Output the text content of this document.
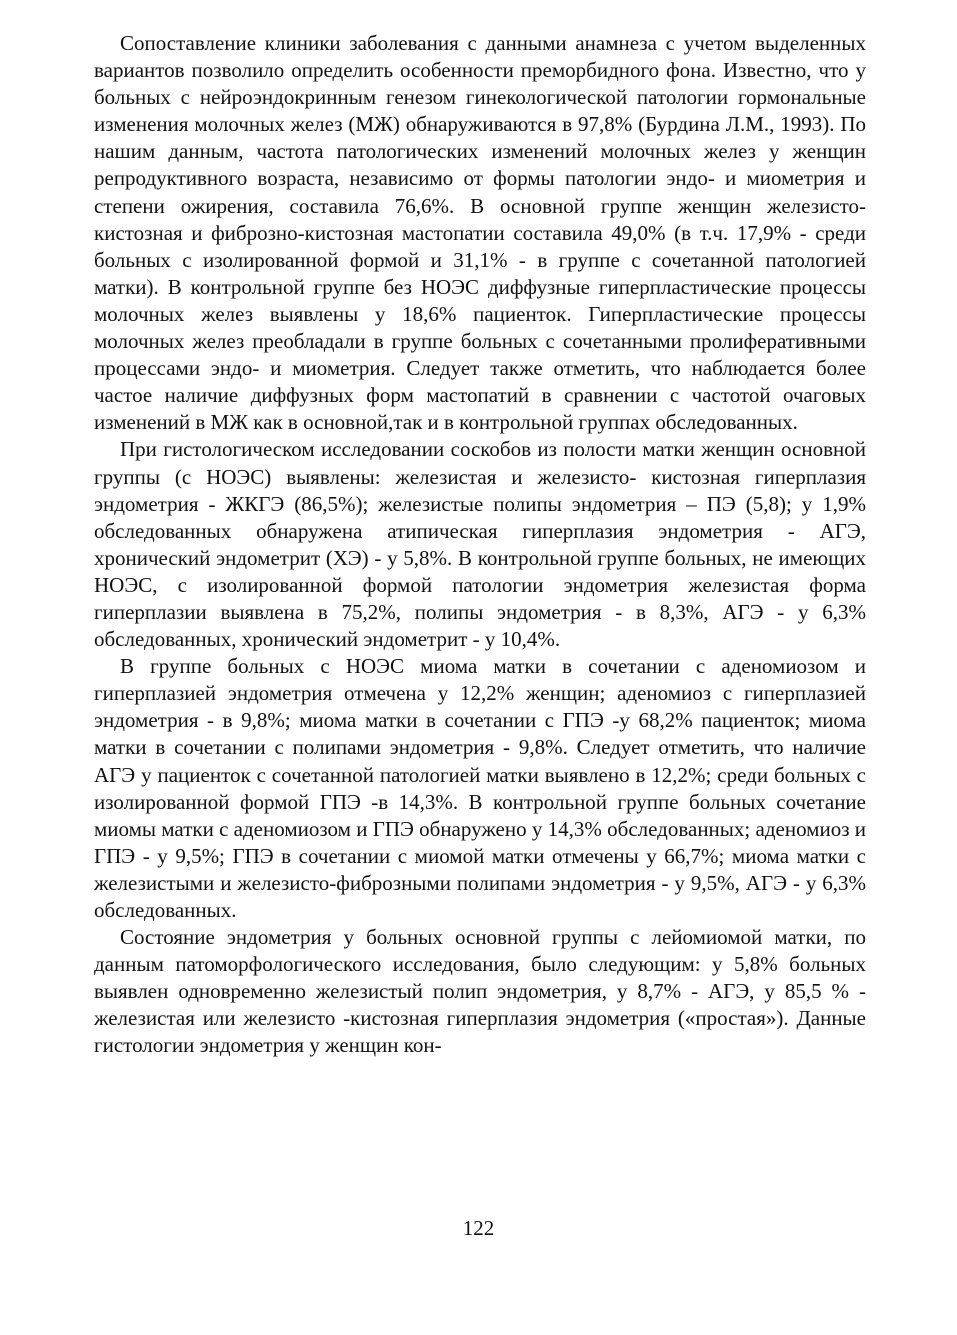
Сопоставление клиники заболевания с данными анамнеза с учетом выделенных вариантов позволило определить особенности преморбидного фона. Известно, что у больных с нейроэндокринным генезом гинекологической патологии гормональные изменения молочных желез (МЖ) обнаруживаются в 97,8% (Бурдина Л.М., 1993). По нашим данным, частота патологических изменений молочных желез у женщин репродуктивного возраста, независимо от формы патологии эндо- и миометрия и степени ожирения, составила 76,6%. В основной группе женщин железисто-кистозная и фиброзно-кистозная мастопатии составила 49,0% (в т.ч. 17,9% - среди больных с изолированной формой и 31,1% - в группе с сочетанной патологией матки). В контрольной группе без НОЭС диффузные гиперпластические процессы молочных желез выявлены у 18,6% пациенток. Гиперпластические процессы молочных желез преобладали в группе больных с сочетанными пролиферативными процессами эндо- и миометрия. Следует также отметить, что наблюдается более частое наличие диффузных форм мастопатий в сравнении с частотой очаговых изменений в МЖ как в основной,так и в контрольной группах обследованных.

При гистологическом исследовании соскобов из полости матки женщин основной группы (с НОЭС) выявлены: железистая и железисто- кистозная гиперплазия эндометрия - ЖКГЭ (86,5%); железистые полипы эндометрия – ПЭ (5,8); у 1,9% обследованных обнаружена атипическая гиперплазия эндометрия - АГЭ, хронический эндометрит (ХЭ) - у 5,8%. В контрольной группе больных, не имеющих НОЭС, с изолированной формой патологии эндометрия железистая форма гиперплазии выявлена в 75,2%, полипы эндометрия - в 8,3%, АГЭ - у 6,3% обследованных, хронический эндометрит - у 10,4%.

В группе больных с НОЭС миома матки в сочетании с аденомиозом и гиперплазией эндометрия отмечена у 12,2% женщин; аденомиоз с гиперплазией эндометрия - в 9,8%; миома матки в сочетании с ГПЭ -у 68,2% пациенток; миома матки в сочетании с полипами эндометрия - 9,8%. Следует отметить, что наличие АГЭ у пациенток с сочетанной патологией матки выявлено в 12,2%; среди больных с изолированной формой ГПЭ -в 14,3%. В контрольной группе больных сочетание миомы матки с аденомиозом и ГПЭ обнаружено у 14,3% обследованных; аденомиоз и ГПЭ - у 9,5%; ГПЭ в сочетании с миомой матки отмечены у 66,7%; миома матки с железистыми и железисто-фиброзными полипами эндометрия - у 9,5%, АГЭ - у 6,3% обследованных.

Состояние эндометрия у больных основной группы с лейомиомой матки, по данным патоморфологического исследования, было следующим: у 5,8% больных выявлен одновременно железистый полип эндометрия, у 8,7% - АГЭ, у 85,5 % - железистая или железисто -кистозная гиперплазия эндометрия («простая»). Данные гистологии эндометрия у женщин кон-

122
